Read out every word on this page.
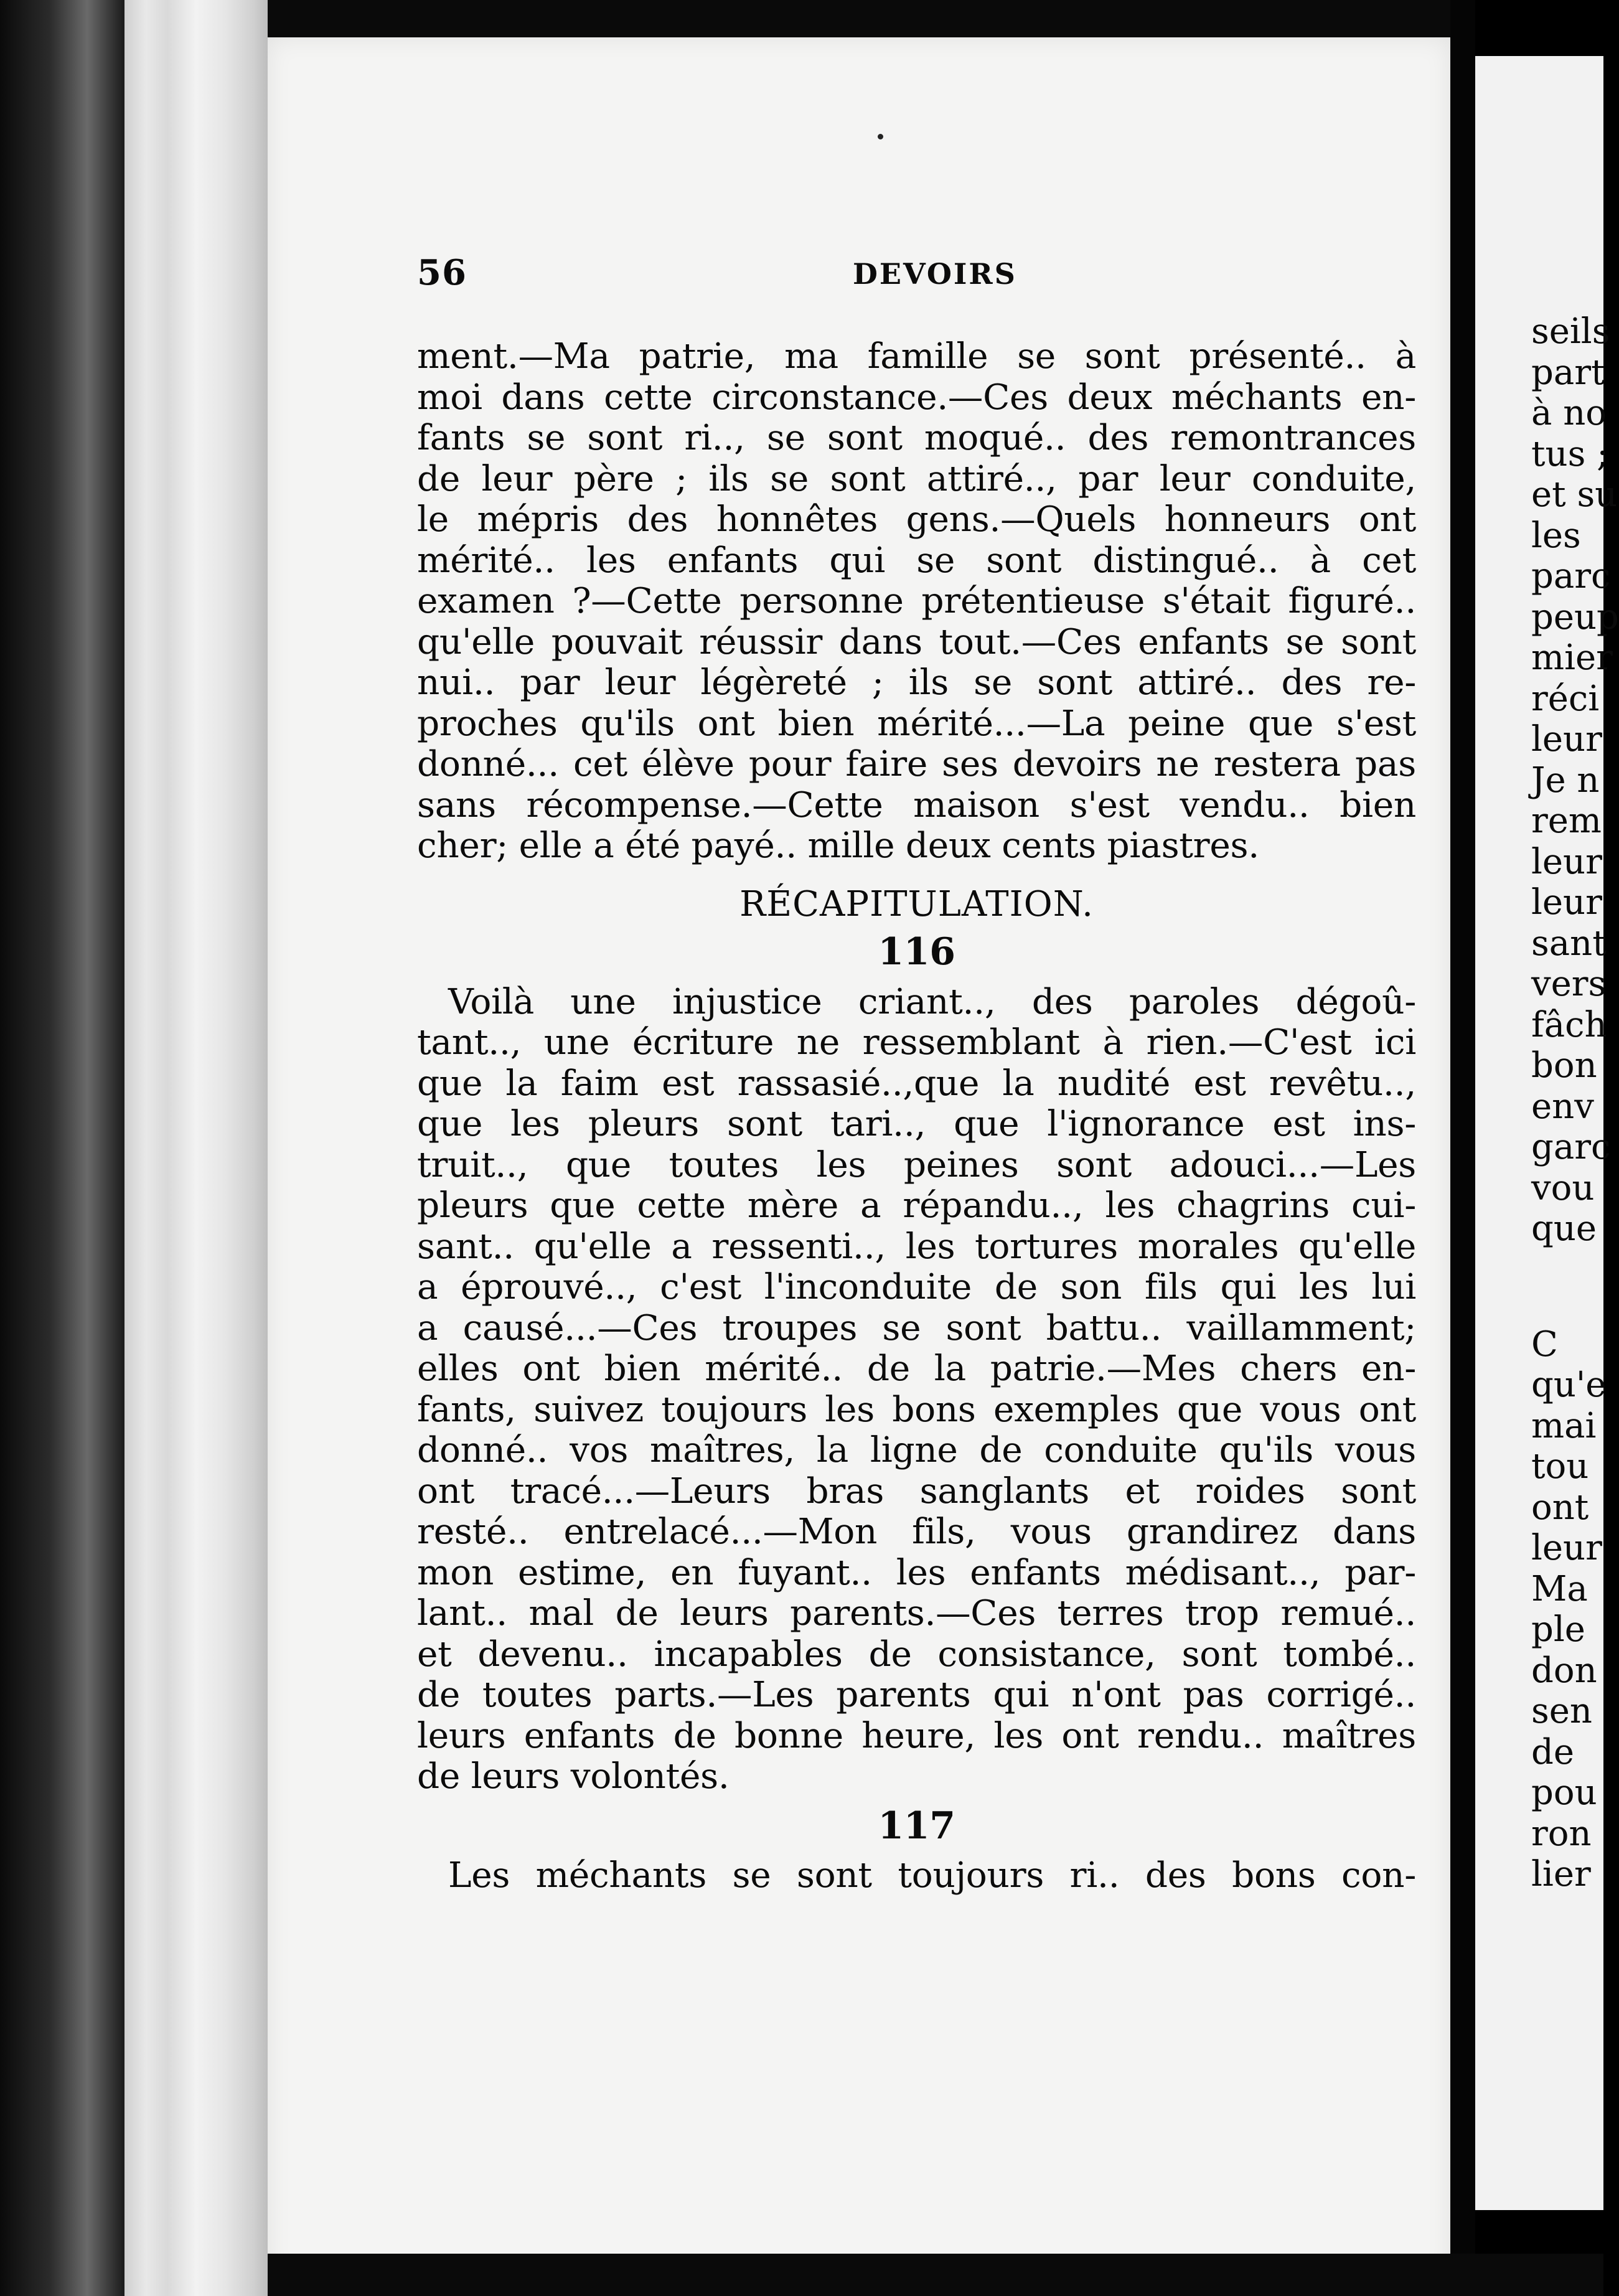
56	DEVOIRS
ment.—Ma patrie, ma famille se sont présenté.. à
moi dans cette circonstance.—Ces deux méchants en-
fants se sont ri.., se sont moqué.. des remontrances
de leur père ; ils se sont attiré.., par leur conduite,
le mépris des honnêtes gens.—Quels honneurs ont
mérité.. les enfants qui se sont distingué.. à cet
examen ?—Cette personne prétentieuse s'était figuré..
qu'elle pouvait réussir dans tout.—Ces enfants se sont
nui.. par leur légèreté ; ils se sont attiré.. des re-
proches qu'ils ont bien mérité...—La peine que s'est
donné... cet élève pour faire ses devoirs ne restera pas
sans récompense.—Cette maison s'est vendu.. bien
cher; elle a été payé.. mille deux cents piastres.
RÉCAPITULATION.
116
Voilà une injustice criant.., des paroles dégoû-
tant.., une écriture ne ressemblant à rien.—C'est ici
que la faim est rassasié..,que la nudité est revêtu..,
que les pleurs sont tari.., que l'ignorance est ins-
truit.., que toutes les peines sont adouci...—Les
pleurs que cette mère a répandu.., les chagrins cui-
sant.. qu'elle a ressenti.., les tortures morales qu'elle
a éprouvé.., c'est l'inconduite de son fils qui les lui
a causé...—Ces troupes se sont battu.. vaillamment;
elles ont bien mérité.. de la patrie.—Mes chers en-
fants, suivez toujours les bons exemples que vous ont
donné.. vos maîtres, la ligne de conduite qu'ils vous
ont tracé...—Leurs bras sanglants et roides sont
resté.. entrelacé...—Mon fils, vous grandirez dans
mon estime, en fuyant.. les enfants médisant.., par-
lant.. mal de leurs parents.—Ces terres trop remué..
et devenu.. incapables de consistance, sont tombé..
de toutes parts.—Les parents qui n'ont pas corrigé..
leurs enfants de bonne heure, les ont rendu.. maîtres
de leurs volontés.
117
Les méchants se sont toujours ri.. des bons con-
seils
part
à no
tus ;
et su
les
parc
peup
mier
réci
leur
Je n
rem
leur
leur
sant
vers
fâch
bon
env
garc
vou
que
C
qu'e
mai
tou
ont
leur
Ma
ple
don
sen
de
pou
ron
lier
